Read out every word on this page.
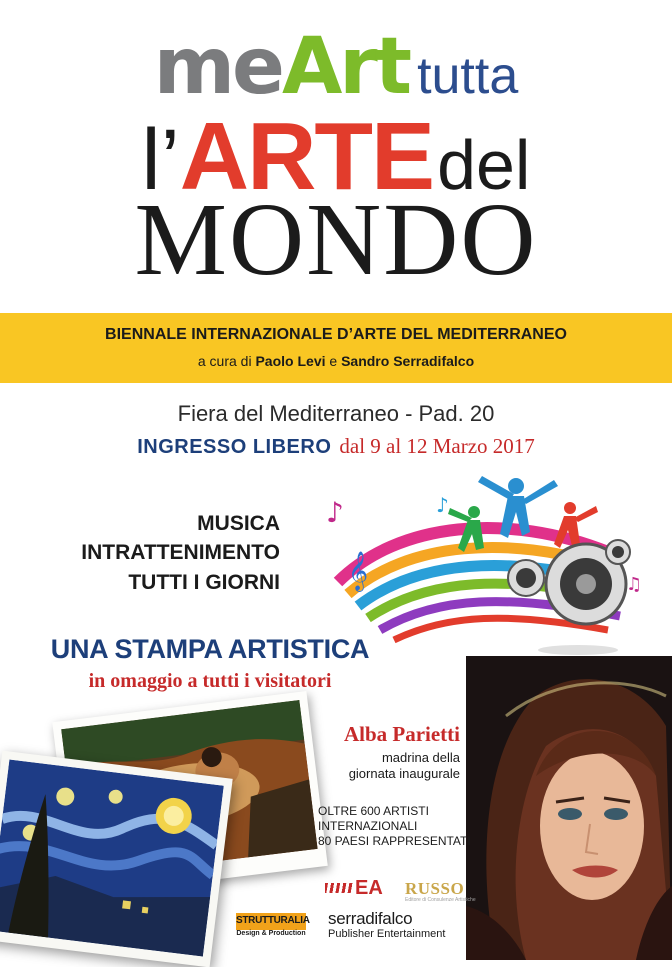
meArt tutta
l’ARTEdel
MONDO
BIENNALE INTERNAZIONALE D’ARTE DEL MEDITERRANEO
a cura di Paolo Levi e Sandro Serradifalco
Fiera del Mediterraneo - Pad. 20
INGRESSO LIBERO dal 9 al 12 Marzo 2017
MUSICA
INTRATTENIMENTO
TUTTI I GIORNI
♪
𝄞	♫
♪
UNA STAMPA ARTISTICA
in omaggio a tutti i visitatori
Alba Parietti
madrina della
giornata inaugurale
OLTRE 600 ARTISTI
INTERNAZIONALI
80 PAESI RAPPRESENTATI
EA RUSSO
Editore di Consulenze Artistiche
STRUTTURALIA
Design & Production
serradifalco
Publisher Entertainment
